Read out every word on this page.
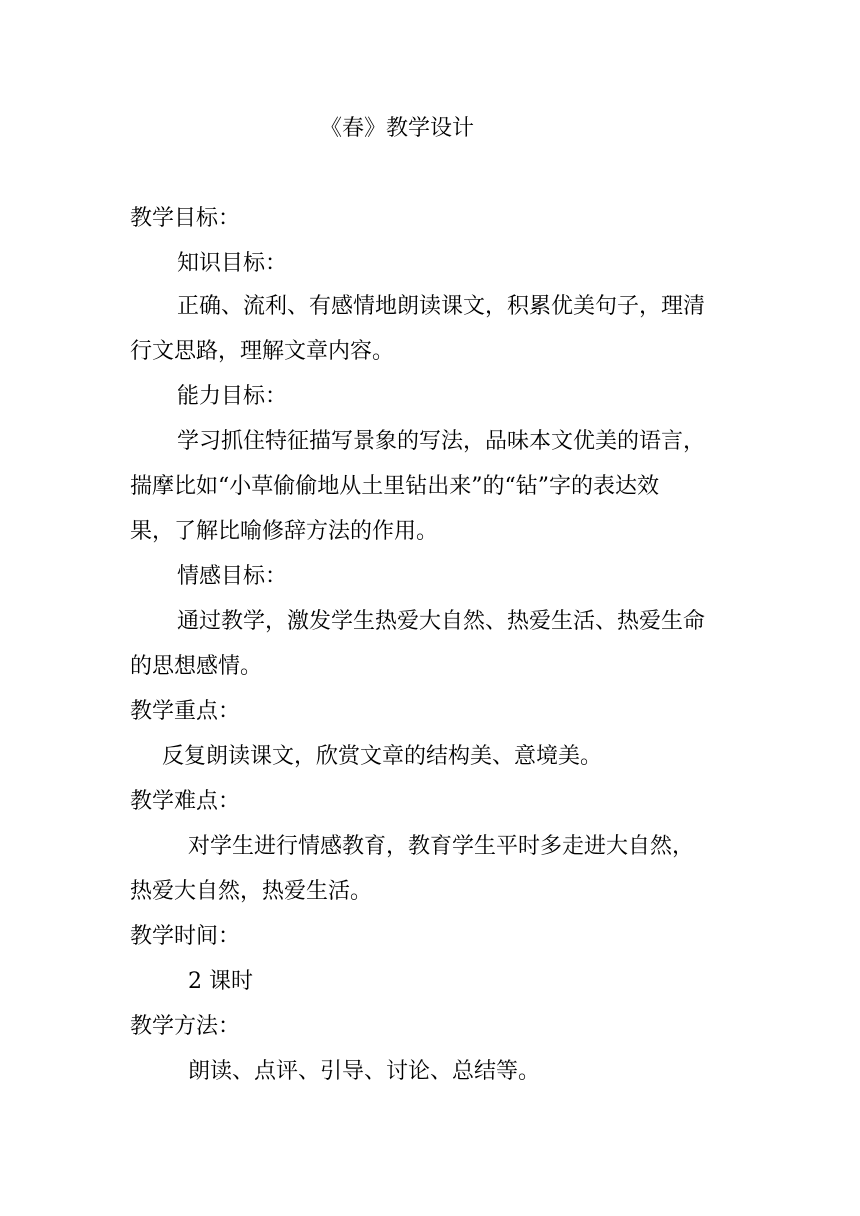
《春》教学设计
教学目标：
知识目标：
正确、流利、有感情地朗读课文，积累优美句子，理清
行文思路，理解文章内容。
能力目标：
学习抓住特征描写景象的写法，品味本文优美的语言，
揣摩比如“小草偷偷地从土里钻出来”的“钻”字的表达效
果，了解比喻修辞方法的作用。
情感目标：
通过教学，激发学生热爱大自然、热爱生活、热爱生命
的思想感情。
教学重点：
反复朗读课文，欣赏文章的结构美、意境美。
教学难点：
对学生进行情感教育，教育学生平时多走进大自然，
热爱大自然，热爱生活。
教学时间：
2 课时
教学方法：
朗读、点评、引导、讨论、总结等。
